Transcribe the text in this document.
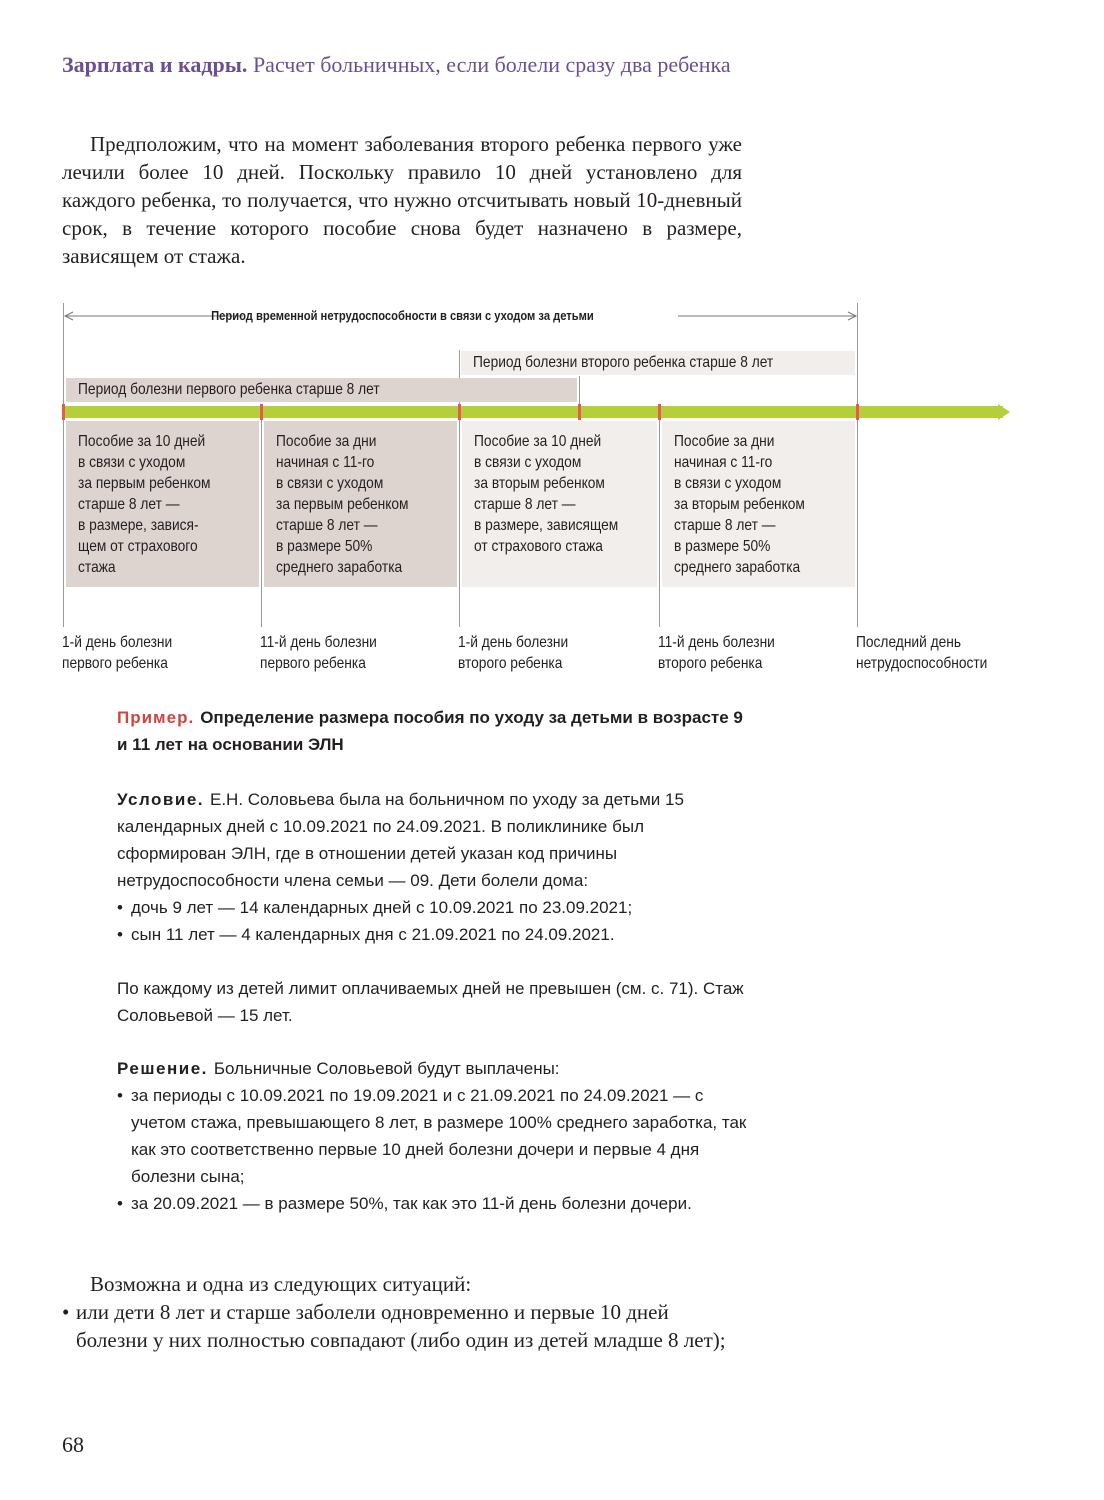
Зарплата и кадры. Расчет больничных, если болели сразу два ребенка

Предположим, что на момент заболевания второго ребенка первого уже лечили более 10 дней. Поскольку правило 10 дней установлено для каждого ребенка, то получается, что нужно отсчитывать новый 10-дневный срок, в течение которого пособие снова будет назначено в размере, зависящем от стажа.

Период временной нетрудоспособности в связи с уходом за детьми
Период болезни второго ребенка старше 8 лет
Период болезни первого ребенка старше 8 лет
Пособие за 10 дней
в связи с уходом
за первым ребенком
старше 8 лет —
в размере, завися-
щем от страхового
стажа
Пособие за дни
начиная с 11-го
в связи с уходом
за первым ребенком
старше 8 лет —
в размере 50%
среднего заработка
Пособие за 10 дней
в связи с уходом
за вторым ребенком
старше 8 лет —
в размере, зависящем
от страхового стажа
Пособие за дни
начиная с 11-го
в связи с уходом
за вторым ребенком
старше 8 лет —
в размере 50%
среднего заработка
1-й день болезни
первого ребенка
11-й день болезни
первого ребенка
1-й день болезни
второго ребенка
11-й день болезни
второго ребенка
Последний день
нетрудоспособности
Пример. Определение размера пособия по уходу за детьми в возрасте 9 и 11 лет на основании ЭЛН
Условие. Е.Н. Соловьева была на больничном по уходу за детьми 15 календарных дней с 10.09.2021 по 24.09.2021. В поликлинике был сформирован ЭЛН, где в отношении детей указан код причины нетрудоспособности члена семьи — 09. Дети болели дома:
• дочь 9 лет — 14 календарных дней с 10.09.2021 по 23.09.2021;
• сын 11 лет — 4 календарных дня с 21.09.2021 по 24.09.2021.
По каждому из детей лимит оплачиваемых дней не превышен (см. с. 71). Стаж Соловьевой — 15 лет.
Решение. Больничные Соловьевой будут выплачены:
• за периоды с 10.09.2021 по 19.09.2021 и с 21.09.2021 по 24.09.2021 — с учетом стажа, превышающего 8 лет, в размере 100% среднего заработка, так как это соответственно первые 10 дней болезни дочери и первые 4 дня болезни сына;
• за 20.09.2021 — в размере 50%, так как это 11-й день болезни дочери.
Возможна и одна из следующих ситуаций:
• или дети 8 лет и старше заболели одновременно и первые 10 дней болезни у них полностью совпадают (либо один из детей младше 8 лет);
68
